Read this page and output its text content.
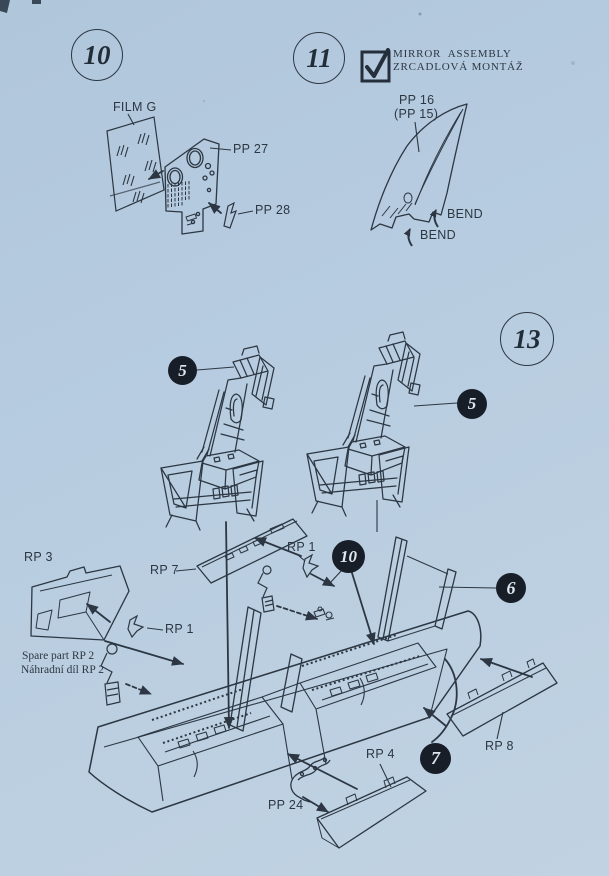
10	11
13
5
5
10
6
7
MIRROR  ASSEMBLY
ZRCADLOVÁ MONTÁŽ
FILM G
PP 27
PP 28
PP 16
(PP 15)
BEND
BEND
RP 3
RP 7
RP 1
RP 1
RP 8
RP 4
PP 24
Spare part RP 2
Náhradní díl RP 2
